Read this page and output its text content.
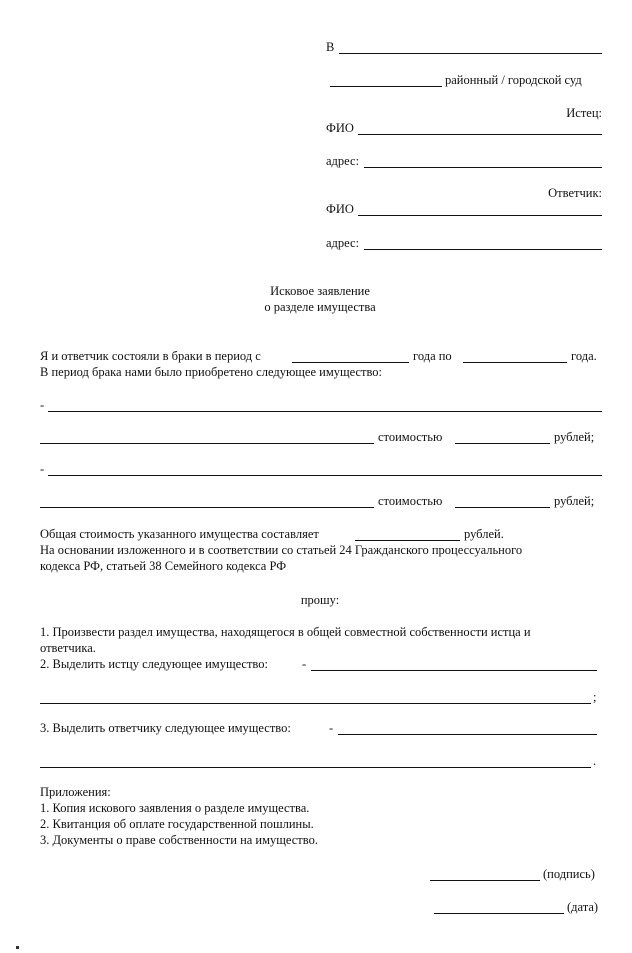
В
районный / городской суд
Истец:
ФИО
адрес:
Ответчик:
ФИО
адрес:
Исковое заявление
о разделе имущества
Я и ответчик состояли в браки в период с	года по	года.
В период брака нами было приобретено следующее имущество:
-
стоимостью	рублей;
-
стоимостью	рублей;
Общая стоимость указанного имущества составляет	рублей.
На основании изложенного и в соответствии со статьей 24 Гражданского процессуального
кодекса РФ, статьей 38 Семейного кодекса РФ
прошу:
1. Произвести раздел имущества, находящегося в общей совместной собственности истца и
ответчика.
2. Выделить истцу следующее имущество:	-
;
3. Выделить ответчику следующее имущество:	-
.
Приложения:
1. Копия искового заявления о разделе имущества.
2. Квитанция об оплате государственной пошлины.
3. Документы о праве собственности на имущество.
(подпись)
(дата)
